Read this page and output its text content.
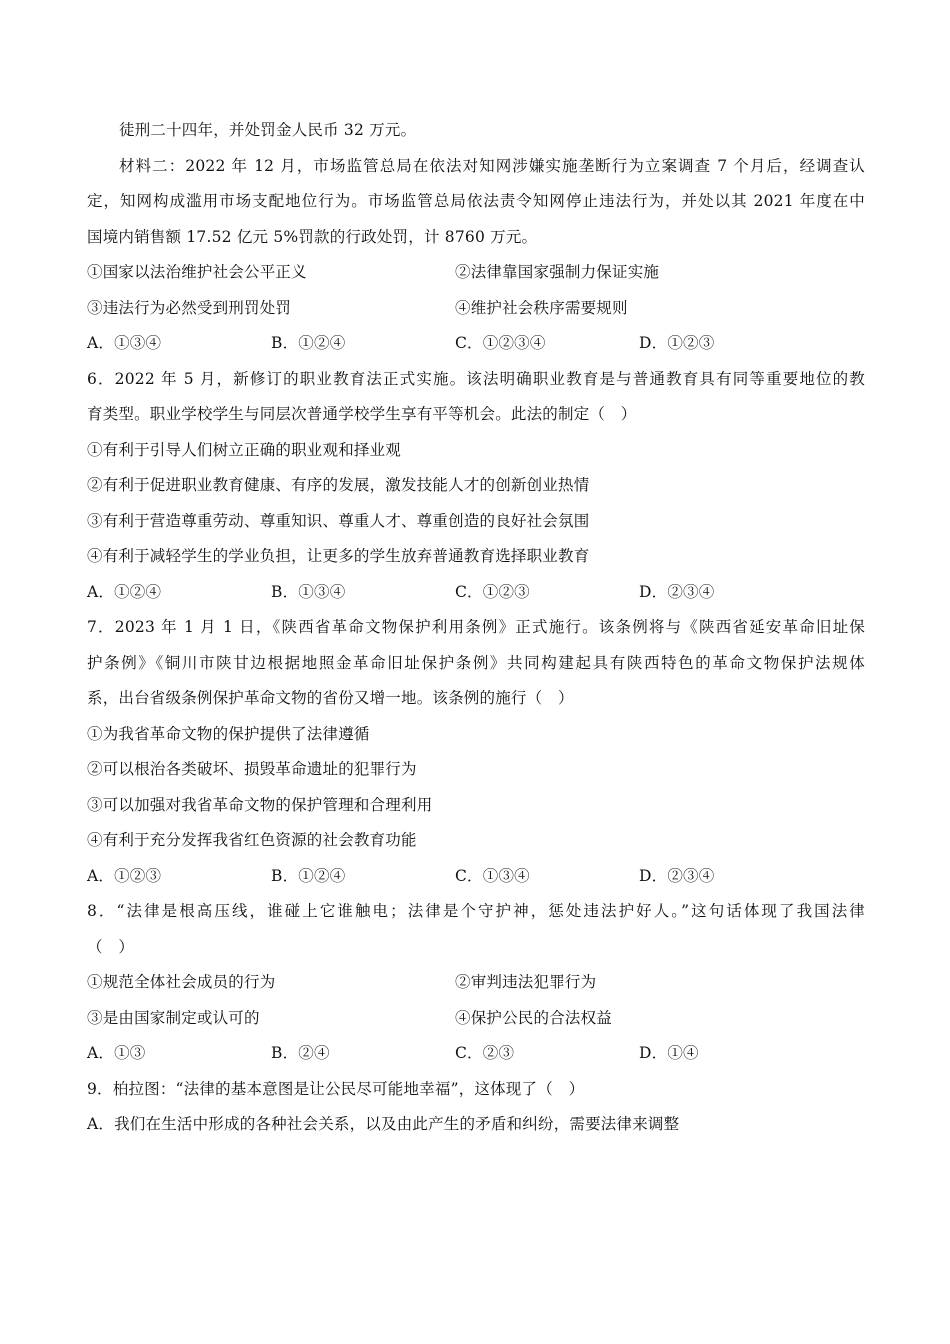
徒刑二十四年，并处罚金人民币 32 万元。
材料二：2022 年 12 月，市场监管总局在依法对知网涉嫌实施垄断行为立案调查 7 个月后，经调查认
定，知网构成滥用市场支配地位行为。市场监管总局依法责令知网停止违法行为，并处以其 2021 年度在中
国境内销售额 17.52 亿元 5%罚款的行政处罚，计 8760 万元。
①国家以法治维护社会公平正义	②法律靠国家强制力保证实施
③违法行为必然受到刑罚处罚	④维护社会秩序需要规则
A．①③④	B．①②④	C．①②③④	D．①②③
6．2022 年 5 月，新修订的职业教育法正式实施。该法明确职业教育是与普通教育具有同等重要地位的教
育类型。职业学校学生与同层次普通学校学生享有平等机会。此法的制定（　）
①有利于引导人们树立正确的职业观和择业观
②有利于促进职业教育健康、有序的发展，激发技能人才的创新创业热情
③有利于营造尊重劳动、尊重知识、尊重人才、尊重创造的良好社会氛围
④有利于减轻学生的学业负担，让更多的学生放弃普通教育选择职业教育
A．①②④	B．①③④	C．①②③	D．②③④
7．2023 年 1 月 1 日，《陕西省革命文物保护利用条例》正式施行。该条例将与《陕西省延安革命旧址保
护条例》《铜川市陕甘边根据地照金革命旧址保护条例》共同构建起具有陕西特色的革命文物保护法规体
系，出台省级条例保护革命文物的省份又增一地。该条例的施行（　）
①为我省革命文物的保护提供了法律遵循
②可以根治各类破坏、损毁革命遗址的犯罪行为
③可以加强对我省革命文物的保护管理和合理利用
④有利于充分发挥我省红色资源的社会教育功能
A．①②③	B．①②④	C．①③④	D．②③④
8．“法律是根高压线，谁碰上它谁触电；法律是个守护神，惩处违法护好人。”这句话体现了我国法律
（　）
①规范全体社会成员的行为	②审判违法犯罪行为
③是由国家制定或认可的	④保护公民的合法权益
A．①③	B．②④	C．②③	D．①④
9．柏拉图：“法律的基本意图是让公民尽可能地幸福”，这体现了（　）
A．我们在生活中形成的各种社会关系，以及由此产生的矛盾和纠纷，需要法律来调整
